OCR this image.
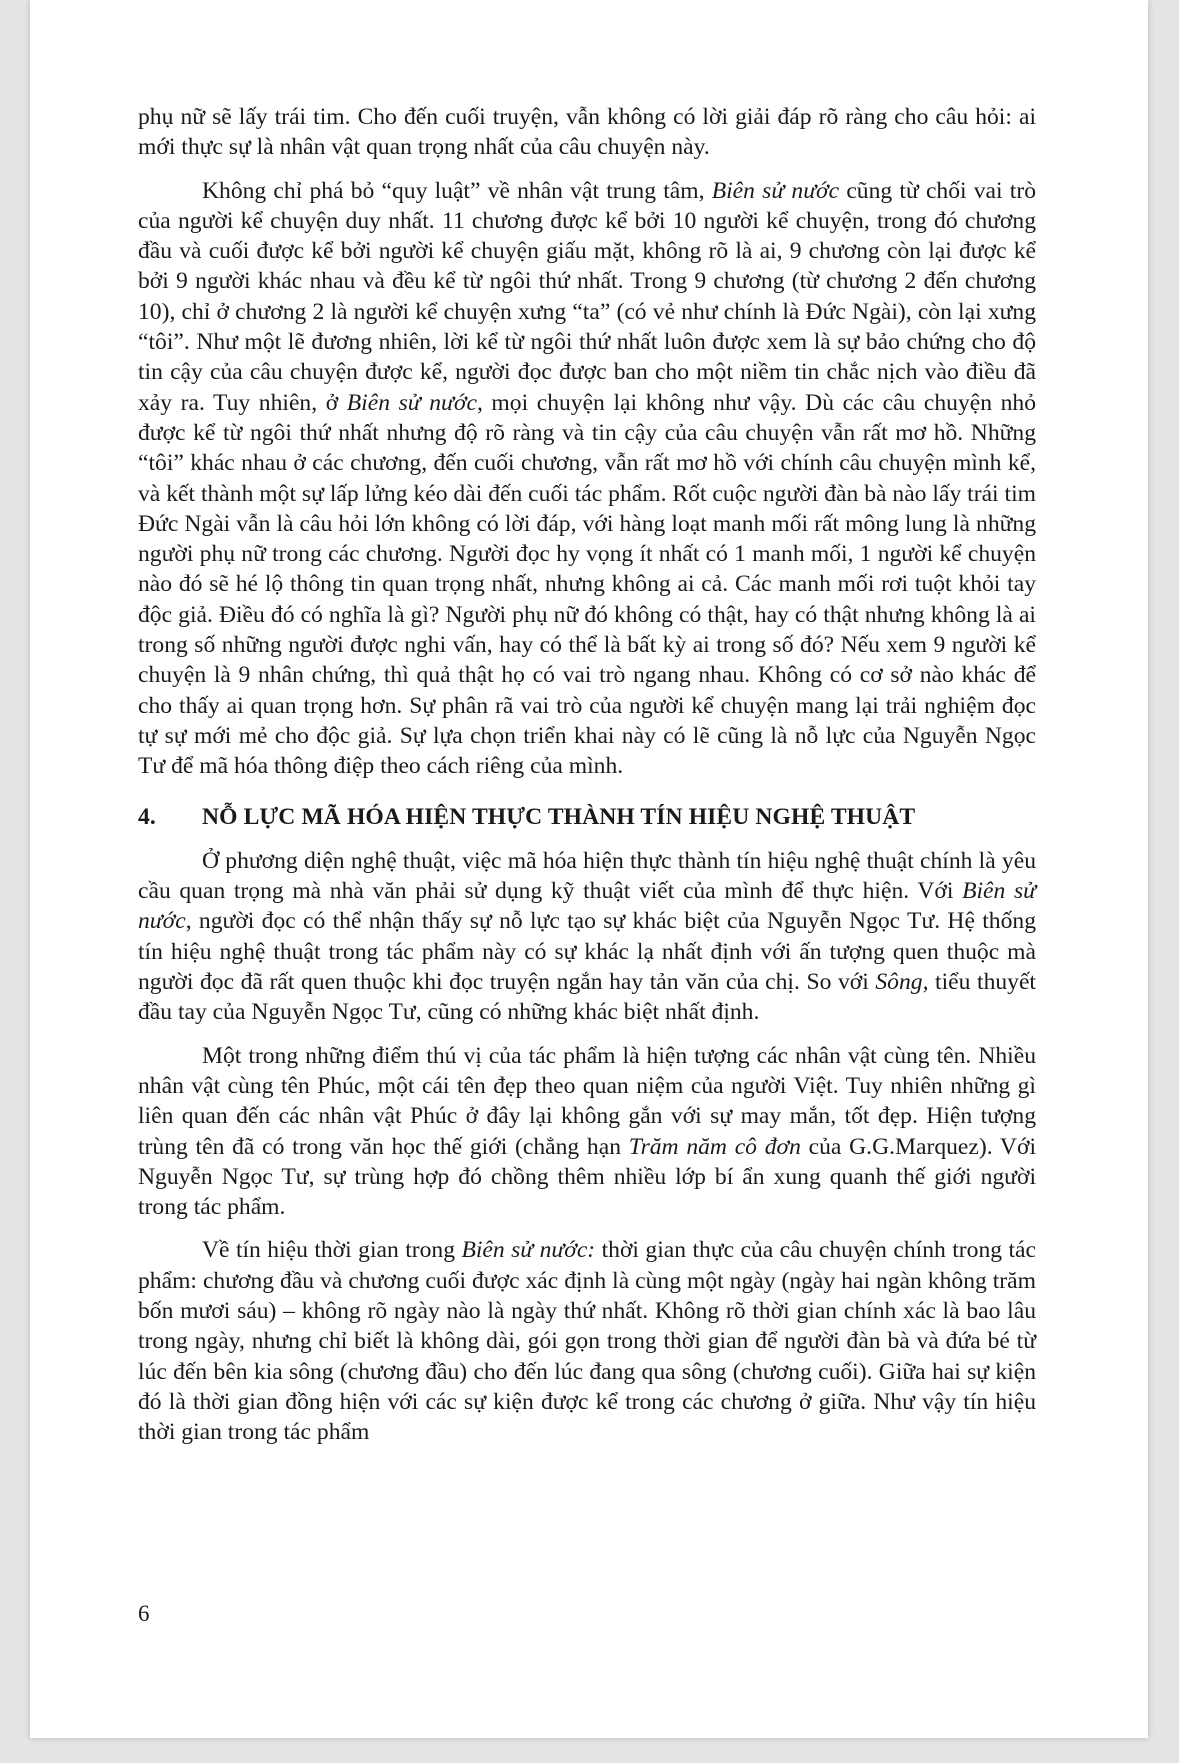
phụ nữ sẽ lấy trái tim. Cho đến cuối truyện, vẫn không có lời giải đáp rõ ràng cho câu hỏi: ai mới thực sự là nhân vật quan trọng nhất của câu chuyện này.

Không chỉ phá bỏ “quy luật” về nhân vật trung tâm, Biên sử nước cũng từ chối vai trò của người kể chuyện duy nhất. 11 chương được kể bởi 10 người kể chuyện, trong đó chương đầu và cuối được kể bởi người kể chuyện giấu mặt, không rõ là ai, 9 chương còn lại được kể bởi 9 người khác nhau và đều kể từ ngôi thứ nhất. Trong 9 chương (từ chương 2 đến chương 10), chỉ ở chương 2 là người kể chuyện xưng “ta” (có vẻ như chính là Đức Ngài), còn lại xưng “tôi”. Như một lẽ đương nhiên, lời kể từ ngôi thứ nhất luôn được xem là sự bảo chứng cho độ tin cậy của câu chuyện được kể, người đọc được ban cho một niềm tin chắc nịch vào điều đã xảy ra. Tuy nhiên, ở Biên sử nước, mọi chuyện lại không như vậy. Dù các câu chuyện nhỏ được kể từ ngôi thứ nhất nhưng độ rõ ràng và tin cậy của câu chuyện vẫn rất mơ hồ. Những “tôi” khác nhau ở các chương, đến cuối chương, vẫn rất mơ hồ với chính câu chuyện mình kể, và kết thành một sự lấp lửng kéo dài đến cuối tác phẩm. Rốt cuộc người đàn bà nào lấy trái tim Đức Ngài vẫn là câu hỏi lớn không có lời đáp, với hàng loạt manh mối rất mông lung là những người phụ nữ trong các chương. Người đọc hy vọng ít nhất có 1 manh mối, 1 người kể chuyện nào đó sẽ hé lộ thông tin quan trọng nhất, nhưng không ai cả. Các manh mối rơi tuột khỏi tay độc giả. Điều đó có nghĩa là gì? Người phụ nữ đó không có thật, hay có thật nhưng không là ai trong số những người được nghi vấn, hay có thể là bất kỳ ai trong số đó? Nếu xem 9 người kể chuyện là 9 nhân chứng, thì quả thật họ có vai trò ngang nhau. Không có cơ sở nào khác để cho thấy ai quan trọng hơn. Sự phân rã vai trò của người kể chuyện mang lại trải nghiệm đọc tự sự mới mẻ cho độc giả. Sự lựa chọn triển khai này có lẽ cũng là nỗ lực của Nguyễn Ngọc Tư để mã hóa thông điệp theo cách riêng của mình.

4.	NỖ LỰC MÃ HÓA HIỆN THỰC THÀNH TÍN HIỆU NGHỆ THUẬT

Ở phương diện nghệ thuật, việc mã hóa hiện thực thành tín hiệu nghệ thuật chính là yêu cầu quan trọng mà nhà văn phải sử dụng kỹ thuật viết của mình để thực hiện. Với Biên sử nước, người đọc có thể nhận thấy sự nỗ lực tạo sự khác biệt của Nguyễn Ngọc Tư. Hệ thống tín hiệu nghệ thuật trong tác phẩm này có sự khác lạ nhất định với ấn tượng quen thuộc mà người đọc đã rất quen thuộc khi đọc truyện ngắn hay tản văn của chị. So với Sông, tiểu thuyết đầu tay của Nguyễn Ngọc Tư, cũng có những khác biệt nhất định.

Một trong những điểm thú vị của tác phẩm là hiện tượng các nhân vật cùng tên. Nhiều nhân vật cùng tên Phúc, một cái tên đẹp theo quan niệm của người Việt. Tuy nhiên những gì liên quan đến các nhân vật Phúc ở đây lại không gắn với sự may mắn, tốt đẹp. Hiện tượng trùng tên đã có trong văn học thế giới (chẳng hạn Trăm năm cô đơn của G.G.Marquez). Với Nguyễn Ngọc Tư, sự trùng hợp đó chồng thêm nhiều lớp bí ẩn xung quanh thế giới người trong tác phẩm.

Về tín hiệu thời gian trong Biên sử nước: thời gian thực của câu chuyện chính trong tác phẩm: chương đầu và chương cuối được xác định là cùng một ngày (ngày hai ngàn không trăm bốn mươi sáu) – không rõ ngày nào là ngày thứ nhất. Không rõ thời gian chính xác là bao lâu trong ngày, nhưng chỉ biết là không dài, gói gọn trong thời gian để người đàn bà và đứa bé từ lúc đến bên kia sông (chương đầu) cho đến lúc đang qua sông (chương cuối). Giữa hai sự kiện đó là thời gian đồng hiện với các sự kiện được kể trong các chương ở giữa. Như vậy tín hiệu thời gian trong tác phẩm

6
